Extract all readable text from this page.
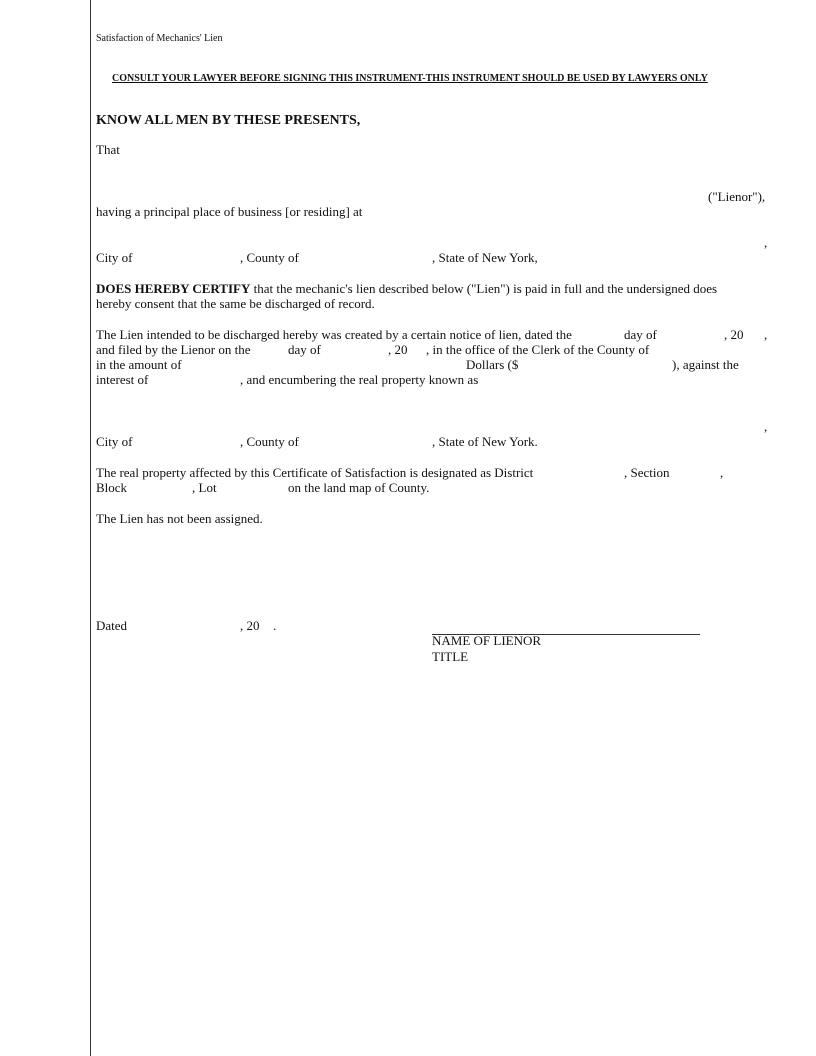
Satisfaction of Mechanics' Lien
CONSULT YOUR LAWYER BEFORE SIGNING THIS INSTRUMENT-THIS INSTRUMENT SHOULD BE USED BY LAWYERS ONLY
KNOW ALL MEN BY THESE PRESENTS,
That
("Lienor"),
having a principal place of business [or residing] at
,
City of	, County of	, State of New York,
DOES HEREBY CERTIFY that the mechanic's lien described below ("Lien") is paid in full and the undersigned does
hereby consent that the same be discharged of record.
The Lien intended to be discharged hereby was created by a certain notice of lien, dated the	day of	, 20 ,
and filed by the Lienor on the	day of	, 20 , in the office of the Clerk of the County of
in the amount of	Dollars ($	), against the
interest of	, and encumbering the real property known as
,
City of	, County of	, State of New York.
The real property affected by this Certificate of Satisfaction is designated as District	, Section	,
Block	, Lot	on the land map of County.
The Lien has not been assigned.
Dated	, 20 .
NAME OF LIENOR
TITLE
